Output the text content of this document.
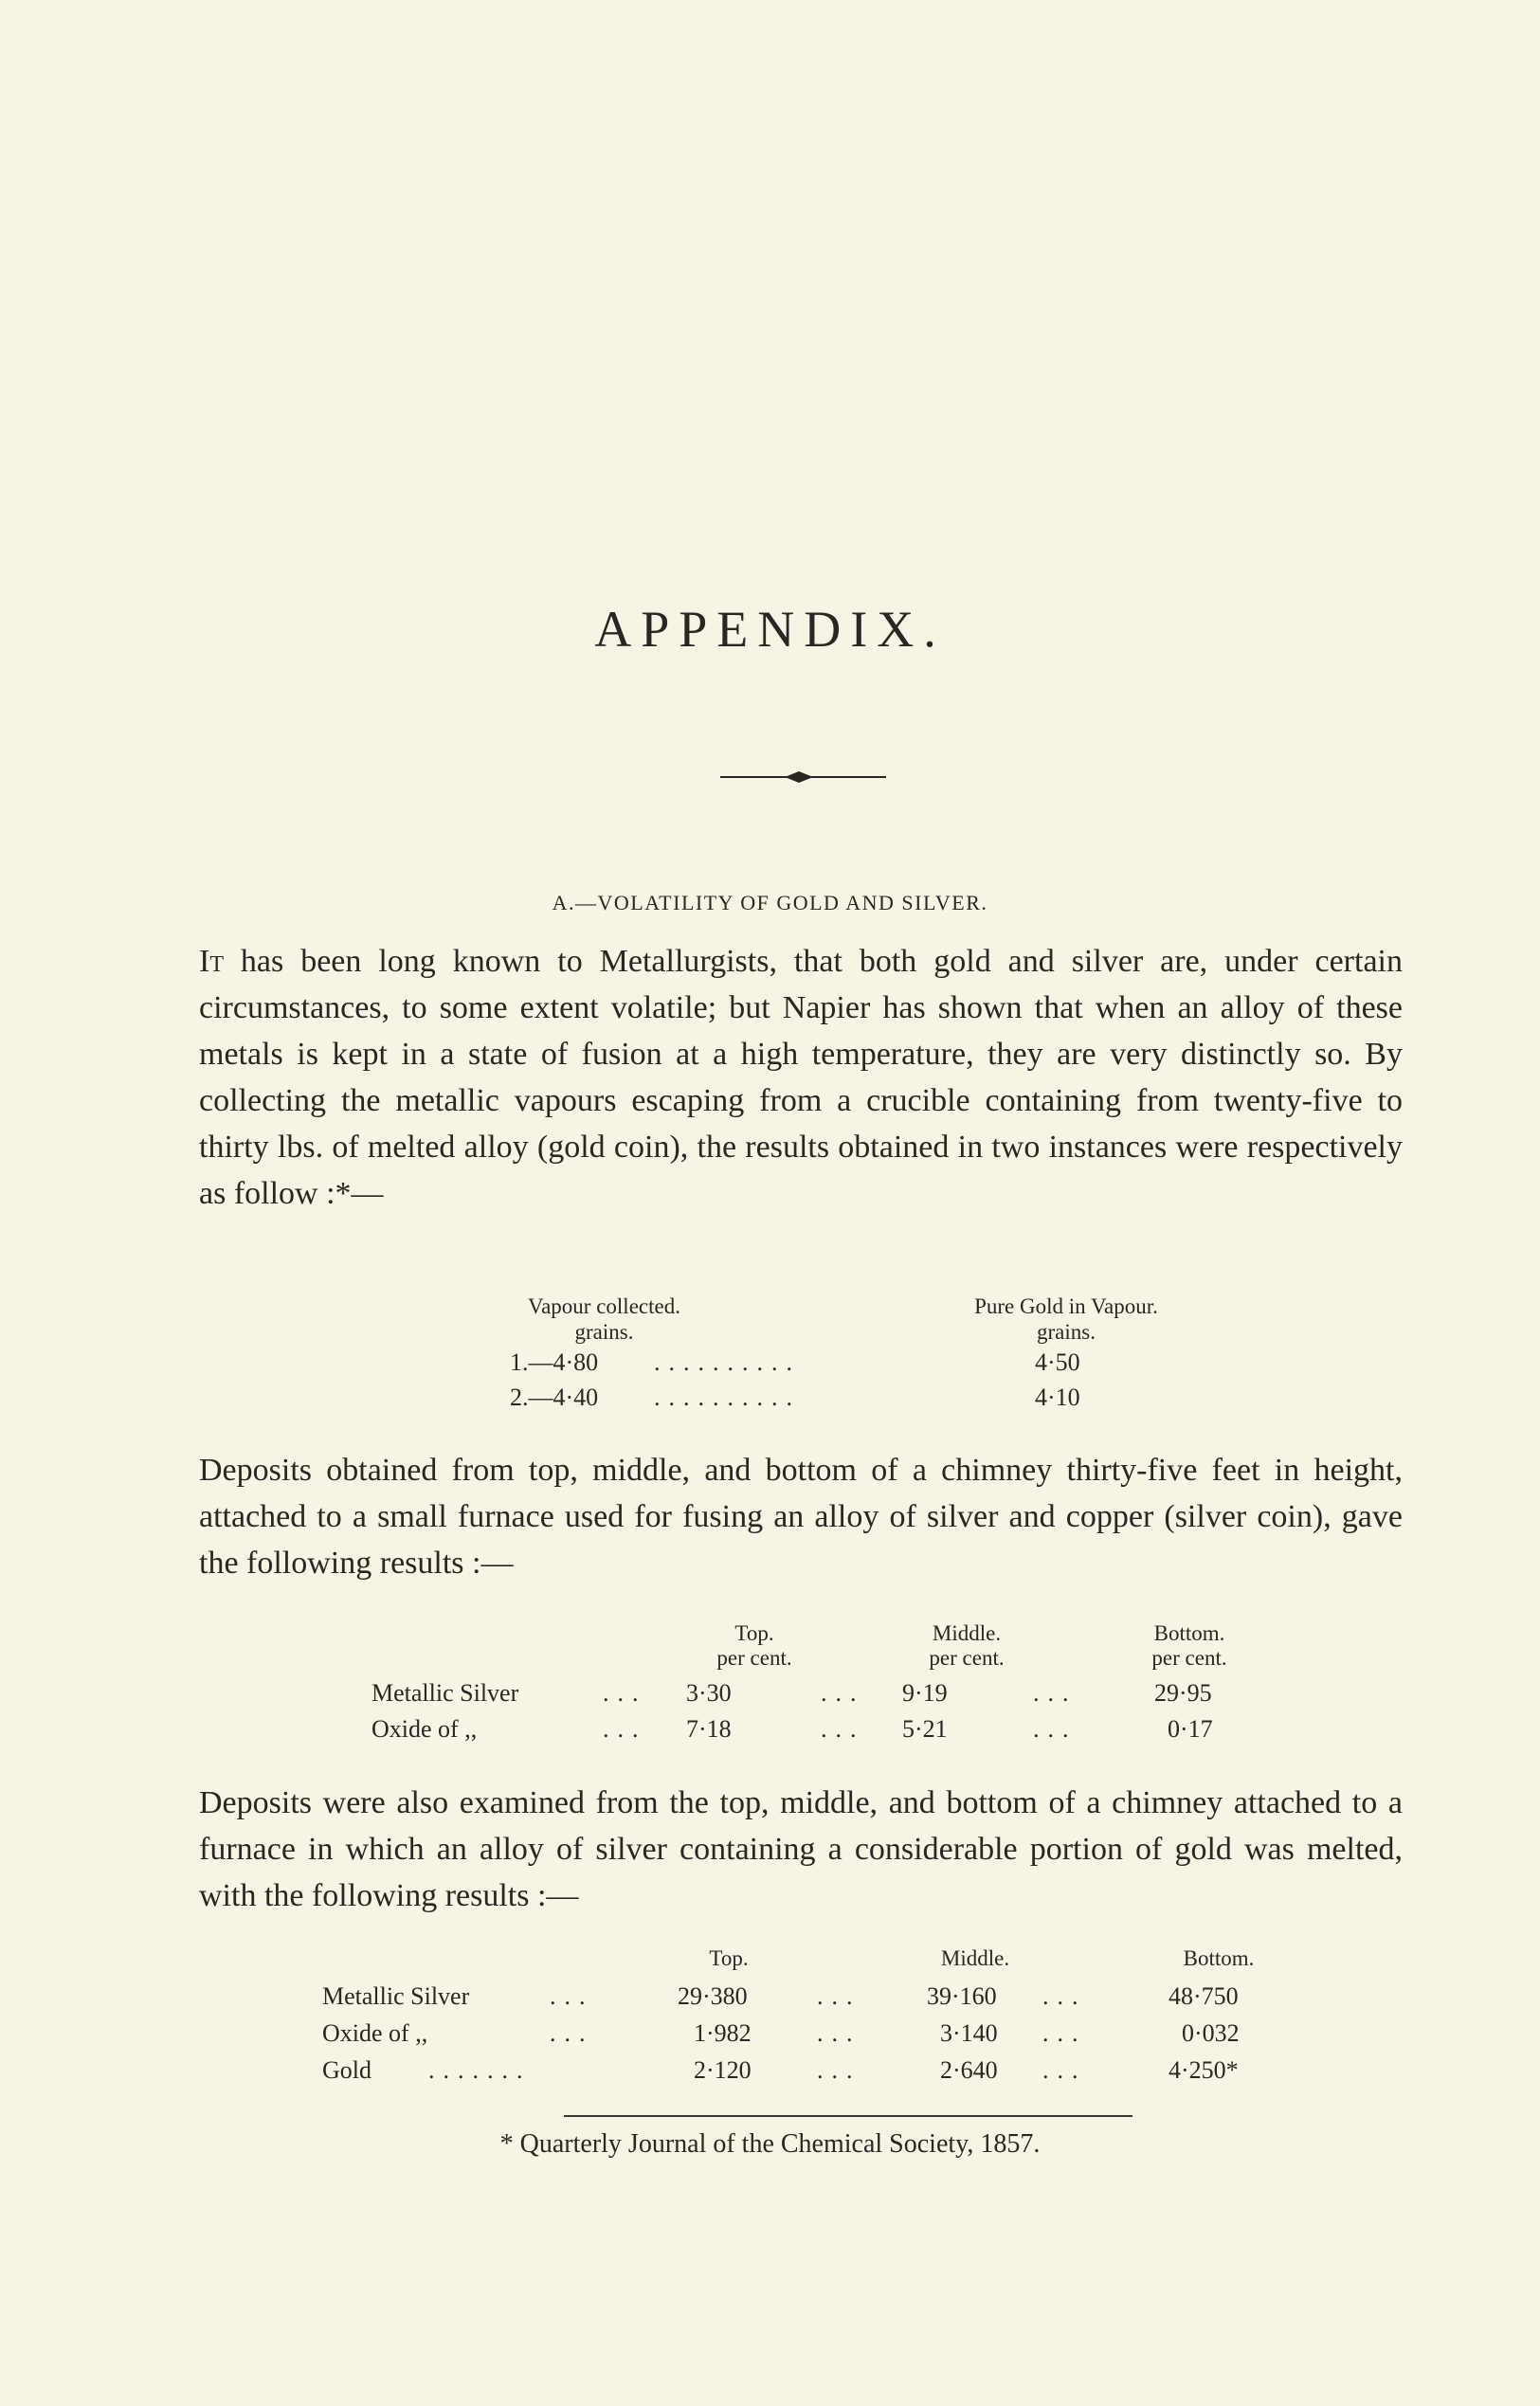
APPENDIX.
A.—VOLATILITY OF GOLD AND SILVER.

It has been long known to Metallurgists, that both gold and silver are, under certain circumstances, to some extent volatile; but Napier has shown that when an alloy of these metals is kept in a state of fusion at a high temperature, they are very distinctly so. By collecting the metallic vapours escaping from a crucible containing from twenty-five to thirty lbs. of melted alloy (gold coin), the results obtained in two instances were respectively as follow :*—

Vapour collected.
grains.
Pure Gold in Vapour.
grains.
1.—4·80 ..........	4·50
2.—4·40 ..........	4·10

Deposits obtained from top, middle, and bottom of a chimney thirty-five feet in height, attached to a small furnace used for fusing an alloy of silver and copper (silver coin), gave the following results :—

Top.
per cent.
Middle.
per cent.
Bottom.
per cent.
Metallic Silver	... 3·30	... 9·19	...	29·95
Oxide of ,,	... 7·18	... 5·21	...	0·17

Deposits were also examined from the top, middle, and bottom of a chimney attached to a furnace in which an alloy of silver containing a considerable portion of gold was melted, with the following results :—

Top.	Middle.	Bottom.
Metallic Silver	...	29·380	...	39·160 ...	48·750
Oxide of ,,	...	1·982	...	3·140 ...	0·032
Gold .......	2·120	...	2·640 ...	4·250*
* Quarterly Journal of the Chemical Society, 1857.
